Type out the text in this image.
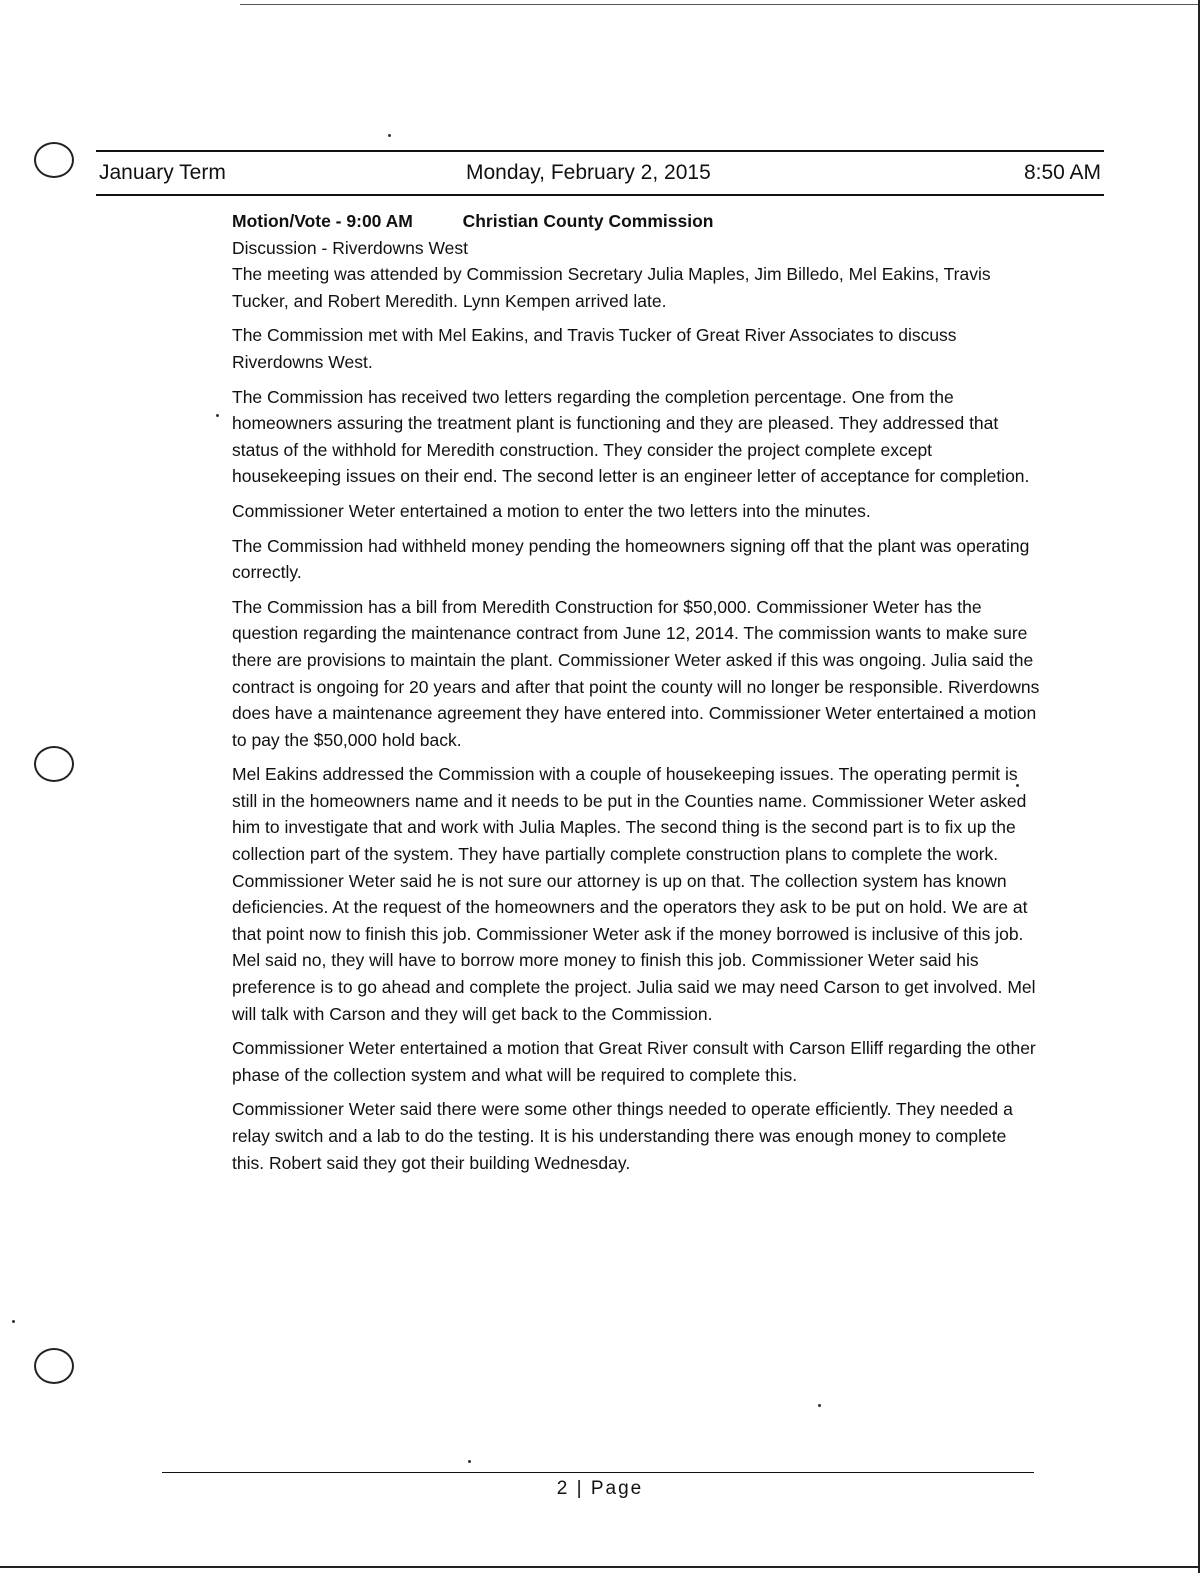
January Term	Monday, February 2, 2015	8:50 AM

Motion/Vote - 9:00 AM	Christian County Commission

Discussion - Riverdowns West

The meeting was attended by Commission Secretary Julia Maples, Jim Billedo, Mel Eakins, Travis Tucker, and Robert Meredith. Lynn Kempen arrived late.

The Commission met with Mel Eakins, and Travis Tucker of Great River Associates to discuss Riverdowns West.

The Commission has received two letters regarding the completion percentage. One from the homeowners assuring the treatment plant is functioning and they are pleased. They addressed that status of the withhold for Meredith construction. They consider the project complete except housekeeping issues on their end. The second letter is an engineer letter of acceptance for completion.

Commissioner Weter entertained a motion to enter the two letters into the minutes.

The Commission had withheld money pending the homeowners signing off that the plant was operating correctly.

The Commission has a bill from Meredith Construction for $50,000. Commissioner Weter has the question regarding the maintenance contract from June 12, 2014. The commission wants to make sure there are provisions to maintain the plant. Commissioner Weter asked if this was ongoing. Julia said the contract is ongoing for 20 years and after that point the county will no longer be responsible. Riverdowns does have a maintenance agreement they have entered into. Commissioner Weter entertained a motion to pay the $50,000 hold back.

Mel Eakins addressed the Commission with a couple of housekeeping issues. The operating permit is still in the homeowners name and it needs to be put in the Counties name. Commissioner Weter asked him to investigate that and work with Julia Maples. The second thing is the second part is to fix up the collection part of the system. They have partially complete construction plans to complete the work. Commissioner Weter said he is not sure our attorney is up on that. The collection system has known deficiencies. At the request of the homeowners and the operators they ask to be put on hold. We are at that point now to finish this job. Commissioner Weter ask if the money borrowed is inclusive of this job. Mel said no, they will have to borrow more money to finish this job. Commissioner Weter said his preference is to go ahead and complete the project. Julia said we may need Carson to get involved. Mel will talk with Carson and they will get back to the Commission.

Commissioner Weter entertained a motion that Great River consult with Carson Elliff regarding the other phase of the collection system and what will be required to complete this.

Commissioner Weter said there were some other things needed to operate efficiently. They needed a relay switch and a lab to do the testing. It is his understanding there was enough money to complete this. Robert said they got their building Wednesday.

2 | Page
